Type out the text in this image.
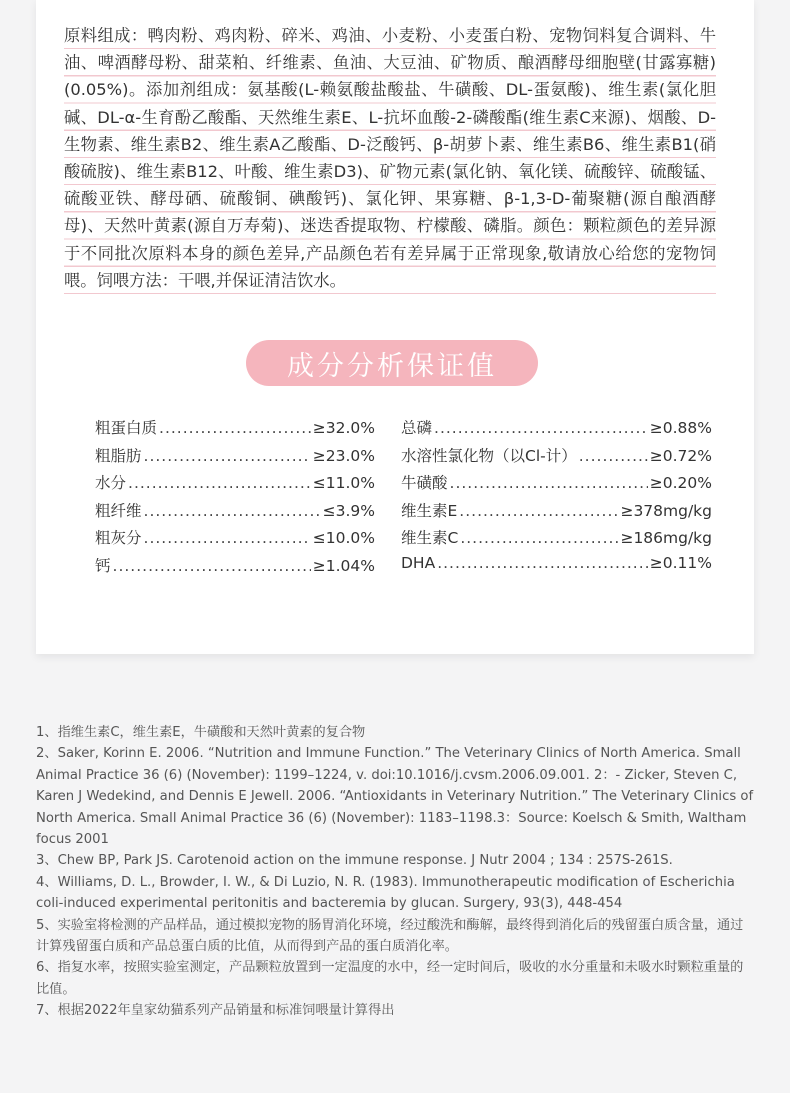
原料组成：鸭肉粉、鸡肉粉、碎米、鸡油、小麦粉、小麦蛋白粉、宠物饲料复合调料、牛油、啤酒酵母粉、甜菜粕、纤维素、鱼油、大豆油、矿物质、酿酒酵母细胞壁(甘露寡糖)(0.05%)。添加剂组成：氨基酸(L-赖氨酸盐酸盐、牛磺酸、DL-蛋氨酸)、维生素(氯化胆碱、DL-α-生育酚乙酸酯、天然维生素E、L-抗坏血酸-2-磷酸酯(维生素C来源)、烟酸、D-生物素、维生素B2、维生素A乙酸酯、D-泛酸钙、β-胡萝卜素、维生素B6、维生素B1(硝酸硫胺)、维生素B12、叶酸、维生素D3)、矿物元素(氯化钠、氧化镁、硫酸锌、硫酸锰、硫酸亚铁、酵母硒、硫酸铜、碘酸钙)、氯化钾、果寡糖、β-1,3-D-葡聚糖(源自酿酒酵母)、天然叶黄素(源自万寿菊)、迷迭香提取物、柠檬酸、磷脂。颜色：颗粒颜色的差异源于不同批次原料本身的颜色差异,产品颜色若有差异属于正常现象,敬请放心给您的宠物饲喂。饲喂方法：干喂,并保证清洁饮水。

成分分析保证值
粗蛋白质 .....	≥32.0%
粗脂肪 .....	≥23.0%
水分 .....	≤11.0%
粗纤维 .....	≤3.9%
粗灰分 .....	≤10.0%
钙 .....	≥1.04%
总磷 .....	≥0.88%
水溶性氯化物（以Cl-计） .....	≥0.72%
牛磺酸 .....	≥0.20%
维生素E .....	≥378mg/kg
维生素C .....	≥186mg/kg
DHA .....	≥0.11%

1、指维生素C，维生素E，牛磺酸和天然叶黄素的复合物

2、Saker, Korinn E. 2006. “Nutrition and Immune Function.” The Veterinary Clinics of North America. Small Animal Practice 36 (6) (November): 1199–1224, v. doi:10.1016/j.cvsm.2006.09.001. 2：- Zicker, Steven C, Karen J Wedekind, and Dennis E Jewell. 2006. “Antioxidants in Veterinary Nutrition.” The Veterinary Clinics of North America. Small Animal Practice 36 (6) (November): 1183–1198.3：Source: Koelsch & Smith, Waltham focus 2001

3、Chew BP, Park JS. Carotenoid action on the immune response. J Nutr 2004 ; 134 : 257S-261S.

4、Williams, D. L., Browder, I. W., & Di Luzio, N. R. (1983). Immunotherapeutic modification of Escherichia coli-induced experimental peritonitis and bacteremia by glucan. Surgery, 93(3), 448-454

5、实验室将检测的产品样品，通过模拟宠物的肠胃消化环境，经过酸洗和酶解，最终得到消化后的残留蛋白质含量，通过计算残留蛋白质和产品总蛋白质的比值，从而得到产品的蛋白质消化率。

6、指复水率，按照实验室测定，产品颗粒放置到一定温度的水中，经一定时间后，吸收的水分重量和未吸水时颗粒重量的比值。

7、根据2022年皇家幼猫系列产品销量和标准饲喂量计算得出
